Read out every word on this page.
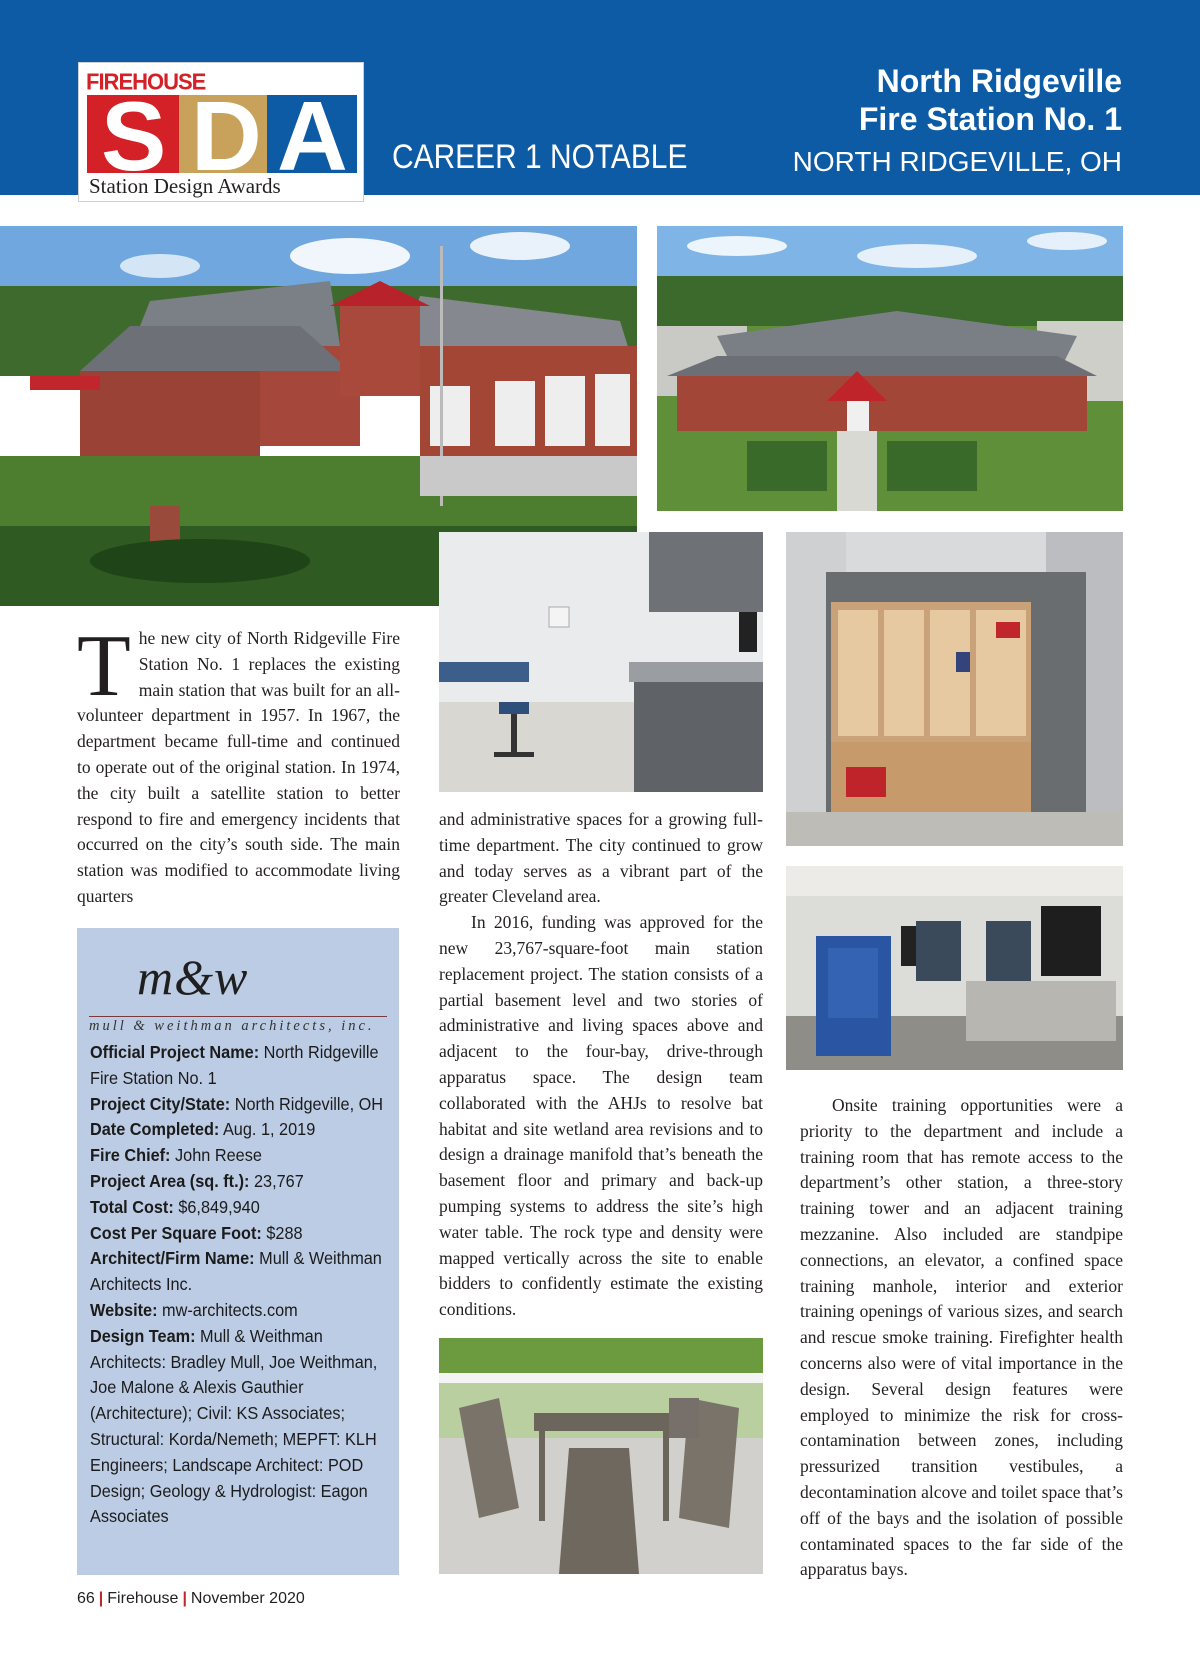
CAREER 1 NOTABLE
North Ridgeville
Fire Station No. 1
NORTH RIDGEVILLE, OH
FIREHOUSE
S D A
Station Design Awards

The new city of North Ridgeville Fire Station No. 1 replaces the existing main station that was built for an all-volunteer department in 1957. In 1967, the department became full-time and continued to operate out of the original station. In 1974, the city built a satellite station to better respond to fire and emergency incidents that occurred on the city’s south side. The main station was modified to accommodate living quarters

m&w
mull & weithman architects, inc.
Official Project Name: North Ridgeville Fire Station No. 1
Project City/State: North Ridgeville, OH
Date Completed: Aug. 1, 2019
Fire Chief: John Reese
Project Area (sq. ft.): 23,767
Total Cost: $6,849,940
Cost Per Square Foot: $288
Architect/Firm Name: Mull & Weithman Architects Inc.
Website: mw-architects.com
Design Team: Mull & Weithman Architects: Bradley Mull, Joe Weithman, Joe Malone & Alexis Gauthier (Architecture); Civil: KS Associates; Structural: Korda/Nemeth; MEPFT: KLH Engineers; Landscape Architect: POD Design; Geology & Hydrologist: Eagon Associates

and administrative spaces for a growing full-time department. The city continued to grow and today serves as a vibrant part of the greater Cleveland area.

In 2016, funding was approved for the new 23,767-square-foot main station replacement project. The station consists of a partial basement level and two stories of administrative and living spaces above and adjacent to the four-bay, drive-through apparatus space. The design team collaborated with the AHJs to resolve bat habitat and site wetland area revisions and to design a drainage manifold that’s beneath the basement floor and primary and back-up pumping systems to address the site’s high water table. The rock type and density were mapped vertically across the site to enable bidders to confidently estimate the existing conditions.

Onsite training opportunities were a priority to the department and include a training room that has remote access to the department’s other station, a three-story training tower and an adjacent training mezzanine. Also included are standpipe connections, an elevator, a confined space training manhole, interior and exterior training openings of various sizes, and search and rescue smoke training. Firefighter health concerns also were of vital importance in the design. Several design features were employed to minimize the risk for cross-contamination between zones, including pressurized transition vestibules, a decontamination alcove and toilet space that’s off of the bays and the isolation of possible contaminated spaces to the far side of the apparatus bays.

66 | Firehouse | November 2020
